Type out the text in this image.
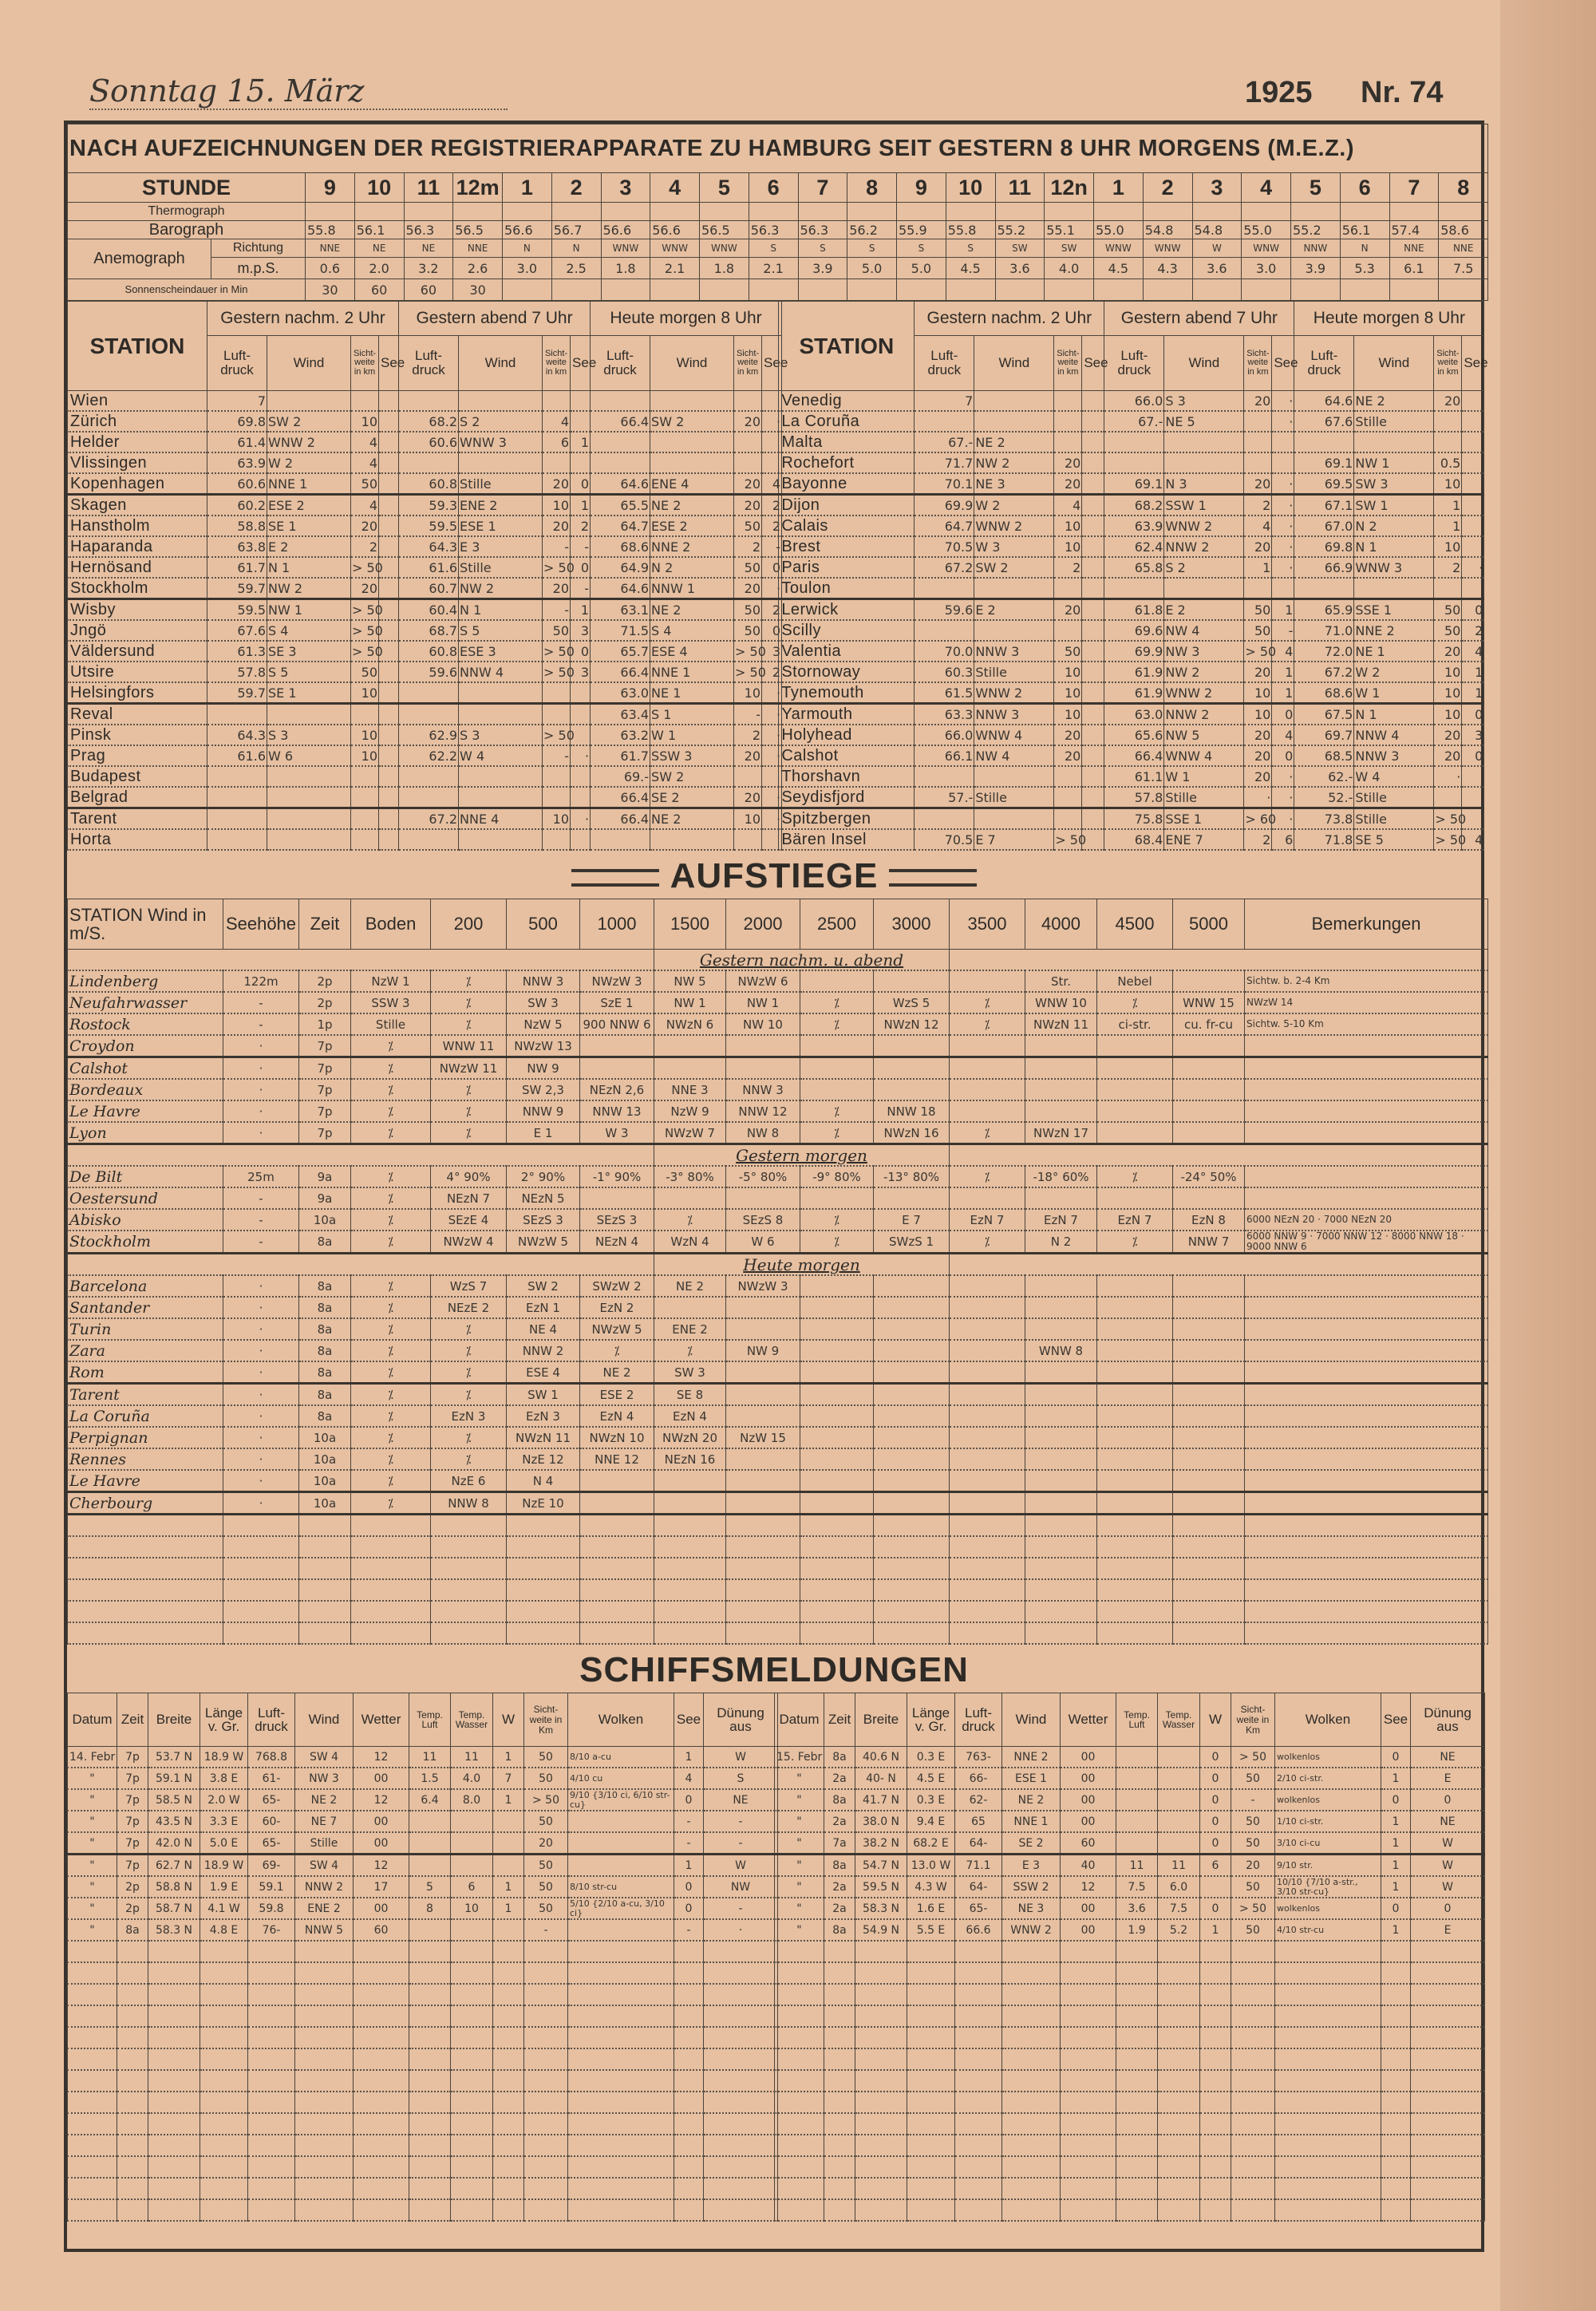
Sonntag 15. März	1925 Nr. 74
NACH AUFZEICHNUNGEN DER REGISTRIERAPPARATE ZU HAMBURG SEIT GESTERN 8 UHR MORGENS (M.E.Z.)																									
STUNDE		9	10	11	12m	1	2	3	4	5	6	7	8	9	10	11	12n	1	2	3	4	5	6	7	8
Thermograph																									
Barograph		55.8	56.1	56.3	56.5	56.6	56.7	56.6	56.6	56.5	56.3	56.3	56.2	55.9	55.8	55.2	55.1	55.0	54.8	54.8	55.0	55.2	56.1	57.4	58.6
Anemograph	Richtung	NNE	NE	NE	NNE	N	N	WNW	WNW	WNW	S	S	S	S	S	SW	SW	WNW	WNW	W	WNW	NNW	N	NNE	NNE
	m.p.S.	0.6	2.0	3.2	2.6	3.0	2.5	1.8	2.1	1.8	2.1	3.9	5.0	5.0	4.5	3.6	4.0	4.5	4.3	3.6	3.0	3.9	5.3	6.1	7.5
Sonnenscheindauer in Min		30	60	60	30																				
STATION	Gestern nachm. 2 Uhr				Gestern abend 7 Uhr				Heute morgen 8 Uhr			
	Luft-druck	Wind	Sicht-weite in km	See	Luft-druck	Wind	Sicht-weite in km	See	Luft-druck	Wind	Sicht-weite in km	See
Wien	7											
Zürich	69.8	SW 2	10		68.2	S 2	4		66.4	SW 2	20	·
Helder	61.4	WNW 2	4		60.6	WNW 3	6	1				
Vlissingen	63.9	W 2	4									
Kopenhagen	60.6	NNE 1	50		60.8	Stille	20	0	64.6	ENE 4	20	4
Skagen	60.2	ESE 2	4		59.3	ENE 2	10	1	65.5	NE 2	20	2
Hanstholm	58.8	SE 1	20		59.5	ESE 1	20	2	64.7	ESE 2	50	2
Haparanda	63.8	E 2	2		64.3	E 3	-	-	68.6	NNE 2	2	-
Hernösand	61.7	N 1	> 50		61.6	Stille	> 50	0	64.9	N 2	50	0
Stockholm	59.7	NW 2	20		60.7	NW 2	20	-	64.6	NNW 1	20	·
Wisby	59.5	NW 1	> 50		60.4	N 1	-	1	63.1	NE 2	50	2
Jngö	67.6	S 4	> 50		68.7	S 5	50	3	71.5	S 4	50	0
Väldersund	61.3	SE 3	> 50		60.8	ESE 3	> 50	0	65.7	ESE 4	> 50	3
Utsire	57.8	S 5	50		59.6	NNW 4	> 50	3	66.4	NNE 1	> 50	2
Helsingfors	59.7	SE 1	10						63.0	NE 1	10	·
Reval									63.4	S 1	-	·
Pinsk	64.3	S 3	10		62.9	S 3	> 50		63.2	W 1	2	·
Prag	61.6	W 6	10		62.2	W 4	-	·	61.7	SSW 3	20	·
Budapest									69.-	SW 2		
Belgrad									66.4	SE 2	20	·
Tarent					67.2	NNE 4	10	·	66.4	NE 2	10	·
Horta												
STATION	Gestern nachm. 2 Uhr				Gestern abend 7 Uhr				Heute morgen 8 Uhr			
	Luft-druck	Wind	Sicht-weite in km	See	Luft-druck	Wind	Sicht-weite in km	See	Luft-druck	Wind	Sicht-weite in km	See
Venedig	7				66.0	S 3	20	·	64.6	NE 2	20	
La Coruña					67.-	NE 5		·	67.6	Stille		
Malta	67.-	NE 2										
Rochefort	71.7	NW 2	20						69.1	NW 1	0.5	
Bayonne	70.1	NE 3	20		69.1	N 3	20	·	69.5	SW 3	10	
Dijon	69.9	W 2	4		68.2	SSW 1	2	·	67.1	SW 1	1	
Calais	64.7	WNW 2	10		63.9	WNW 2	4	·	67.0	N 2	1	
Brest	70.5	W 3	10		62.4	NNW 2	20	·	69.8	N 1	10	
Paris	67.2	SW 2	2		65.8	S 2	1	·	66.9	WNW 3	2	·
Toulon												
Lerwick	59.6	E 2	20		61.8	E 2	50	1	65.9	SSE 1	50	0
Scilly					69.6	NW 4	50	-	71.0	NNE 2	50	2
Valentia	70.0	NNW 3	50		69.9	NW 3	> 50	4	72.0	NE 1	20	4
Stornoway	60.3	Stille	10		61.9	NW 2	20	1	67.2	W 2	10	1
Tynemouth	61.5	WNW 2	10		61.9	WNW 2	10	1	68.6	W 1	10	1
Yarmouth	63.3	NNW 3	10		63.0	NNW 2	10	0	67.5	N 1	10	0
Holyhead	66.0	WNW 4	20		65.6	NW 5	20	4	69.7	NNW 4	20	3
Calshot	66.1	NW 4	20		66.4	WNW 4	20	0	68.5	NNW 3	20	0
Thorshavn					61.1	W 1	20	·	62.-	W 4	·	
Seydisfjord	57.-	Stille			57.8	Stille	·	·	52.-	Stille		
Spitzbergen					75.8	SSE 1	> 60	·	73.8	Stille	> 50	
Bären Insel	70.5	E 7	> 50		68.4	ENE 7	2	6	71.8	SE 5	> 50	4
AUFSTIEGE
STATION Wind in m/S.	Seehöhe	Zeit	Boden	200	500	1000	1500	2000	2500	3000	3500	4000	4500	5000	Bemerkungen
							Gestern nachm. u. abend								
Lindenberg	122m	2p	NzW 1	⁒	NNW 3	NWzW 3	NW 5	NWzW 6				Str.	Nebel		Sichtw. b. 2-4 Km
Neufahrwasser	-	2p	SSW 3	⁒	SW 3	SzE 1	NW 1	NW 1	⁒	WzS 5	⁒	WNW 10	⁒	WNW 15	NWzW 14
Rostock	-	1p	Stille	⁒	NzW 5	900 NNW 6	NWzN 6	NW 10	⁒	NWzN 12	⁒	NWzN 11	ci-str.	cu. fr-cu	Sichtw. 5-10 Km
Croydon	·	7p	⁒	WNW 11	NWzW 13										
Calshot	·	7p	⁒	NWzW 11	NW 9										
Bordeaux	·	7p	⁒	⁒	SW 2,3	NEzN 2,6	NNE 3	NNW 3							
Le Havre	·	7p	⁒	⁒	NNW 9	NNW 13	NzW 9	NNW 12	⁒	NNW 18					
Lyon	·	7p	⁒	⁒	E 1	W 3	NWzW 7	NW 8	⁒	NWzN 16	⁒	NWzN 17			
							Gestern morgen								
De Bilt	25m	9a	⁒	4° 90%	2° 90%	-1° 90%	-3° 80%	-5° 80%	-9° 80%	-13° 80%	⁒	-18° 60%	⁒	-24° 50%	
Oestersund	-	9a	⁒	NEzN 7	NEzN 5										
Abisko	-	10a	⁒	SEzE 4	SEzS 3	SEzS 3	⁒	SEzS 8	⁒	E 7	EzN 7	EzN 7	EzN 7	EzN 8	6000 NEzN 20 · 7000 NEzN 20
Stockholm	-	8a	⁒	NWzW 4	NWzW 5	NEzN 4	WzN 4	W 6	⁒	SWzS 1	⁒	N 2	⁒	NNW 7	6000 NNW 9 · 7000 NNW 12 · 8000 NNW 18 · 9000 NNW 6
							Heute morgen								
Barcelona	·	8a	⁒	WzS 7	SW 2	SWzW 2	NE 2	NWzW 3							
Santander	·	8a	⁒	NEzE 2	EzN 1	EzN 2									
Turin	·	8a	⁒	⁒	NE 4	NWzW 5	ENE 2								
Zara	·	8a	⁒	⁒	NNW 2	⁒	⁒	NW 9				WNW 8			
Rom	·	8a	⁒	⁒	ESE 4	NE 2	SW 3								
Tarent	·	8a	⁒	⁒	SW 1	ESE 2	SE 8								
La Coruña	·	8a	⁒	EzN 3	EzN 3	EzN 4	EzN 4								
Perpignan	·	10a	⁒	⁒	NWzN 11	NWzN 10	NWzN 20	NzW 15							
Rennes	·	10a	⁒	⁒	NzE 12	NNE 12	NEzN 16								
Le Havre	·	10a	⁒	NzE 6	N 4										
Cherbourg	·	10a	⁒	NNW 8	NzE 10										

SCHIFFSMELDUNGEN
Datum	Zeit	Breite	Länge v. Gr.	Luft-druck	Wind	Wetter	Temp. Luft	Temp. Wasser	W	Sicht-weite in Km	Wolken	See	Dünung aus
14. Febr	7p	53.7 N	18.9 W	768.8	SW 4	12	11	11	1	50	8/10 a-cu	1	W
"	7p	59.1 N	3.8 E	61-	NW 3	00	1.5	4.0	7	50	4/10 cu	4	S
"	7p	58.5 N	2.0 W	65-	NE 2	12	6.4	8.0	1	> 50	9/10 {3/10 ci, 6/10 str-cu}	0	NE
"	7p	43.5 N	3.3 E	60-	NE 7	00				50		-	-
"	7p	42.0 N	5.0 E	65-	Stille	00				20		-	-
"	7p	62.7 N	18.9 W	69-	SW 4	12				50		1	W
"	2p	58.8 N	1.9 E	59.1	NNW 2	17	5	6	1	50	8/10 str-cu	0	NW
"	2p	58.7 N	4.1 W	59.8	ENE 2	00	8	10	1	50	5/10 {2/10 a-cu, 3/10 ci}	0	-
"	8a	58.3 N	4.8 E	76-	NNW 5	60				-		-	·

Datum	Zeit	Breite	Länge v. Gr.	Luft-druck	Wind	Wetter	Temp. Luft	Temp. Wasser	W	Sicht-weite in Km	Wolken	See	Dünung aus
15. Febr	8a	40.6 N	0.3 E	763-	NNE 2	00			0	> 50	wolkenlos	0	NE
"	2a	40- N	4.5 E	66-	ESE 1	00			0	50	2/10 ci-str.	1	E
"	8a	41.7 N	0.3 E	62-	NE 2	00			0	-	wolkenlos	0	0
"	2a	38.0 N	9.4 E	65	NNE 1	00			0	50	1/10 ci-str.	1	NE
"	7a	38.2 N	68.2 E	64-	SE 2	60			0	50	3/10 ci-cu	1	W
"	8a	54.7 N	13.0 W	71.1	E 3	40	11	11	6	20	9/10 str.	1	W
"	2a	59.5 N	4.3 W	64-	SSW 2	12	7.5	6.0		50	10/10 {7/10 a-str., 3/10 str-cu}	1	W
"	2a	58.3 N	1.6 E	65-	NE 3	00	3.6	7.5	0	> 50	wolkenlos	0	0
"	8a	54.9 N	5.5 E	66.6	WNW 2	00	1.9	5.2	1	50	4/10 str-cu	1	E
